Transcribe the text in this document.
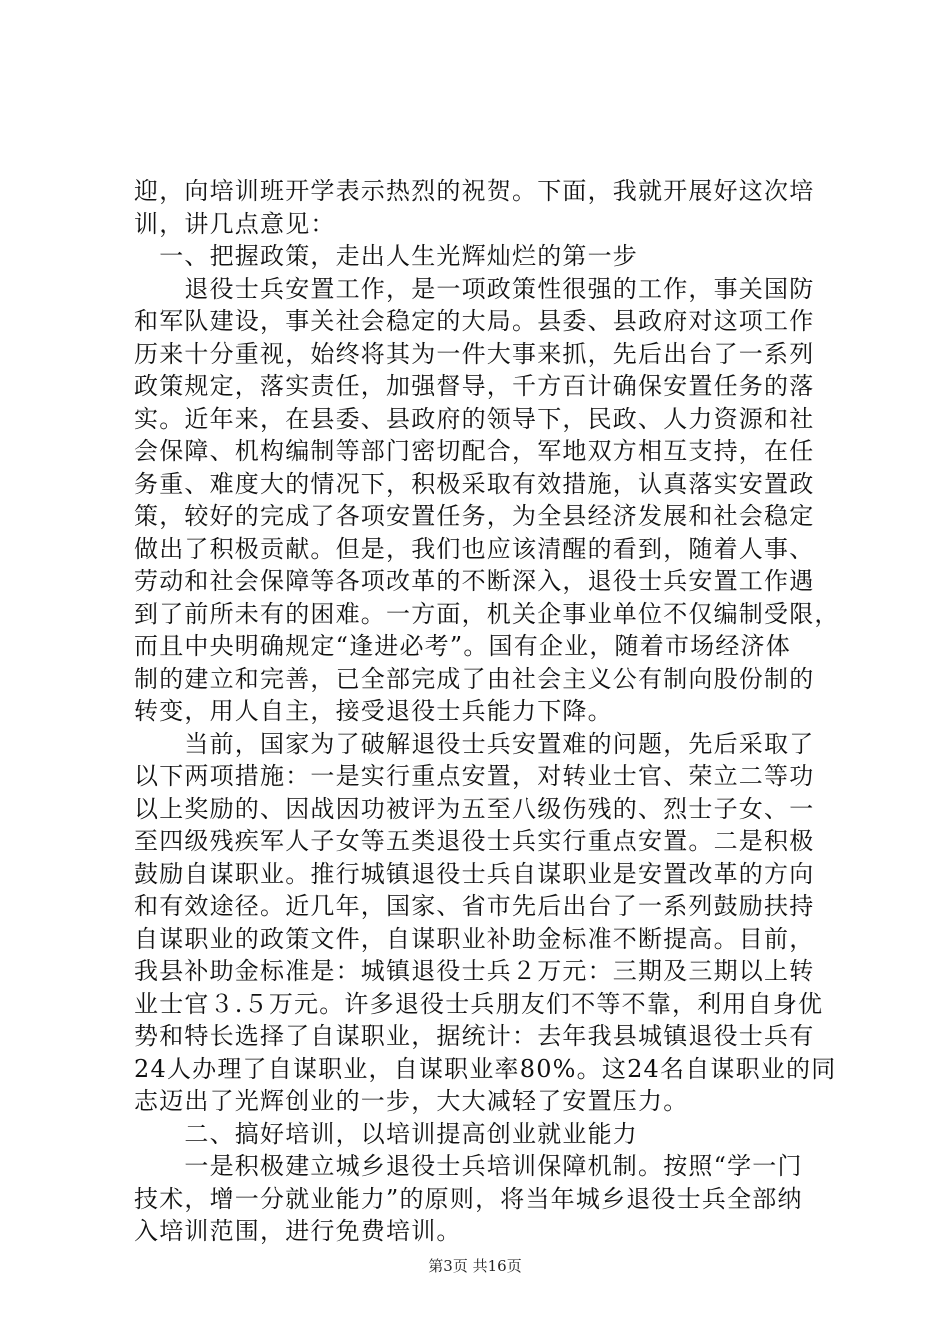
迎，向培训班开学表示热烈的祝贺。下面，我就开展好这次培
训，讲几点意见：
　一、把握政策，走出人生光辉灿烂的第一步
　　退役士兵安置工作，是一项政策性很强的工作，事关国防
和军队建设，事关社会稳定的大局。县委、县政府对这项工作
历来十分重视，始终将其为一件大事来抓，先后出台了一系列
政策规定，落实责任，加强督导，千方百计确保安置任务的落
实。近年来，在县委、县政府的领导下，民政、人力资源和社
会保障、机构编制等部门密切配合，军地双方相互支持，在任
务重、难度大的情况下，积极采取有效措施，认真落实安置政
策，较好的完成了各项安置任务，为全县经济发展和社会稳定
做出了积极贡献。但是，我们也应该清醒的看到，随着人事、
劳动和社会保障等各项改革的不断深入，退役士兵安置工作遇
到了前所未有的困难。一方面，机关企事业单位不仅编制受限，
而且中央明确规定“逢进必考”。国有企业，随着市场经济体
制的建立和完善，已全部完成了由社会主义公有制向股份制的
转变，用人自主，接受退役士兵能力下降。
　　当前，国家为了破解退役士兵安置难的问题，先后采取了
以下两项措施：一是实行重点安置，对转业士官、荣立二等功
以上奖励的、因战因功被评为五至八级伤残的、烈士子女、一
至四级残疾军人子女等五类退役士兵实行重点安置。二是积极
鼓励自谋职业。推行城镇退役士兵自谋职业是安置改革的方向
和有效途径。近几年，国家、省市先后出台了一系列鼓励扶持
自谋职业的政策文件，自谋职业补助金标准不断提高。目前，
我县补助金标准是：城镇退役士兵２万元：三期及三期以上转
业士官３.５万元。许多退役士兵朋友们不等不靠，利用自身优
势和特长选择了自谋职业，据统计：去年我县城镇退役士兵有
24人办理了自谋职业，自谋职业率80%。这24名自谋职业的同
志迈出了光辉创业的一步，大大减轻了安置压力。
　　二、搞好培训，以培训提高创业就业能力
　　一是积极建立城乡退役士兵培训保障机制。按照“学一门
技术，增一分就业能力”的原则，将当年城乡退役士兵全部纳
入培训范围，进行免费培训。
第3页 共16页
